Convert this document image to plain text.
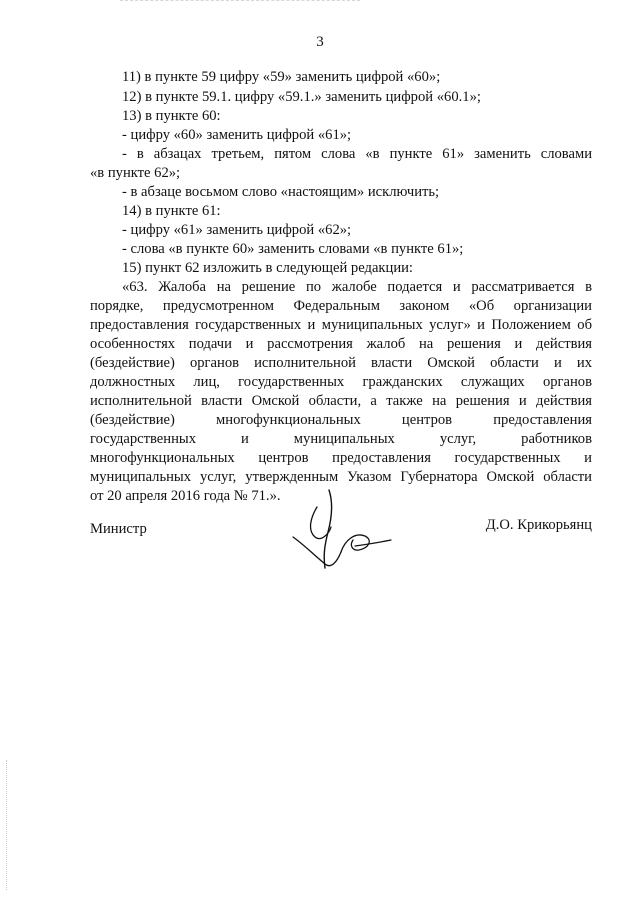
3
11) в пункте 59 цифру «59» заменить цифрой «60»;
12) в пункте 59.1. цифру «59.1.» заменить цифрой «60.1»;
13) в пункте 60:
- цифру «60» заменить цифрой «61»;
- в абзацах третьем, пятом слова «в пункте 61» заменить словами
«в пункте 62»;
- в абзаце восьмом слово «настоящим» исключить;
14) в пункте 61:
- цифру «61» заменить цифрой «62»;
- слова «в пункте 60» заменить словами «в пункте 61»;
15) пункт 62 изложить в следующей редакции:
«63. Жалоба на решение по жалобе подается и рассматривается в
порядке, предусмотренном Федеральным законом «Об организации
предоставления государственных и муниципальных услуг» и Положением об
особенностях подачи и рассмотрения жалоб на решения и действия
(бездействие) органов исполнительной власти Омской области и их
должностных лиц, государственных гражданских служащих органов
исполнительной власти Омской области, а также на решения и действия
(бездействие) многофункциональных центров предоставления
государственных и муниципальных услуг, работников
многофункциональных центров предоставления государственных и
муниципальных услуг, утвержденным Указом Губернатора Омской области
от 20 апреля 2016 года № 71.».
Министр	Д.О. Крикорьянц
